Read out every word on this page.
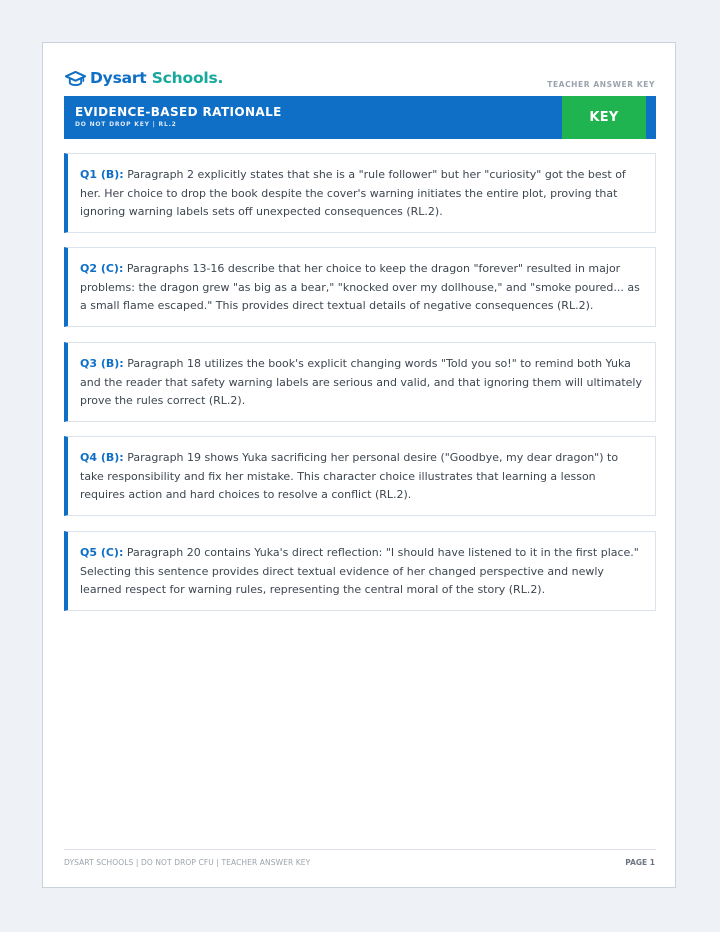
Dysart
Schools.	TEACHER ANSWER KEY
EVIDENCE-BASED RATIONALE
DO NOT DROP KEY | RL.2	KEY
Q1 (B): Paragraph 2 explicitly states that she is a "rule follower" but her "curiosity" got the best of her. Her choice to drop the book despite the cover's warning initiates the entire plot, proving that ignoring warning labels sets off unexpected consequences (RL.2).
Q2 (C): Paragraphs 13-16 describe that her choice to keep the dragon "forever" resulted in major problems: the dragon grew "as big as a bear," "knocked over my dollhouse," and "smoke poured... as a small flame escaped." This provides direct textual details of negative consequences (RL.2).
Q3 (B): Paragraph 18 utilizes the book's explicit changing words "Told you so!" to remind both Yuka and the reader that safety warning labels are serious and valid, and that ignoring them will ultimately prove the rules correct (RL.2).
Q4 (B): Paragraph 19 shows Yuka sacrificing her personal desire ("Goodbye, my dear dragon") to take responsibility and fix her mistake. This character choice illustrates that learning a lesson requires action and hard choices to resolve a conflict (RL.2).
Q5 (C): Paragraph 20 contains Yuka's direct reflection: "I should have listened to it in the first place." Selecting this sentence provides direct textual evidence of her changed perspective and newly learned respect for warning rules, representing the central moral of the story (RL.2).
DYSART SCHOOLS | DO NOT DROP CFU | TEACHER ANSWER KEY	PAGE 1
